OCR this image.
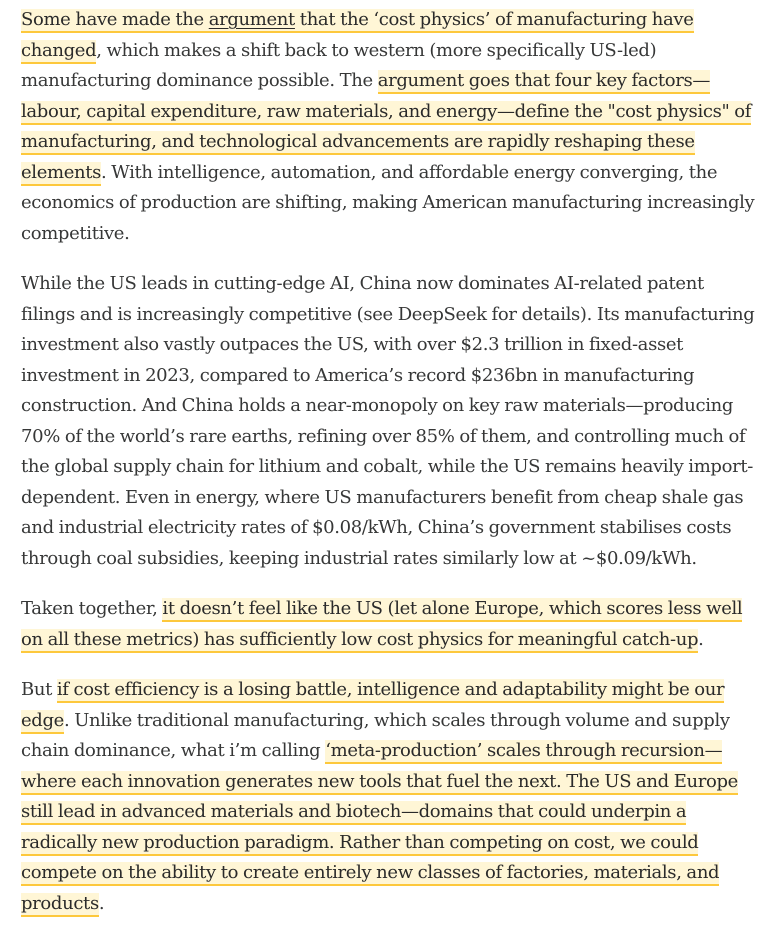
Some have made the argument that the ‘cost physics’ of manufacturing have changed, which makes a shift back to western (more specifically US-led) manufacturing dominance possible. The argument goes that four key factors—labour, capital expenditure, raw materials, and energy—define the "cost physics" of manufacturing, and technological advancements are rapidly reshaping these elements. With intelligence, automation, and affordable energy converging, the economics of production are shifting, making American manufacturing increasingly competitive.

While the US leads in cutting-edge AI, China now dominates AI-related patent filings and is increasingly competitive (see DeepSeek for details). Its manufacturing investment also vastly outpaces the US, with over $2.3 trillion in fixed-asset investment in 2023, compared to America’s record $236bn in manufacturing construction. And China holds a near-monopoly on key raw materials—producing 70% of the world’s rare earths, refining over 85% of them, and controlling much of the global supply chain for lithium and cobalt, while the US remains heavily import-dependent. Even in energy, where US manufacturers benefit from cheap shale gas and industrial electricity rates of $0.08/kWh, China’s government stabilises costs through coal subsidies, keeping industrial rates similarly low at ~$0.09/kWh.

Taken together, it doesn’t feel like the US (let alone Europe, which scores less well on all these metrics) has sufficiently low cost physics for meaningful catch-up.

But if cost efficiency is a losing battle, intelligence and adaptability might be our edge. Unlike traditional manufacturing, which scales through volume and supply chain dominance, what i’m calling ‘meta-production’ scales through recursion—where each innovation generates new tools that fuel the next. The US and Europe still lead in advanced materials and biotech—domains that could underpin a radically new production paradigm. Rather than competing on cost, we could compete on the ability to create entirely new classes of factories, materials, and products.
